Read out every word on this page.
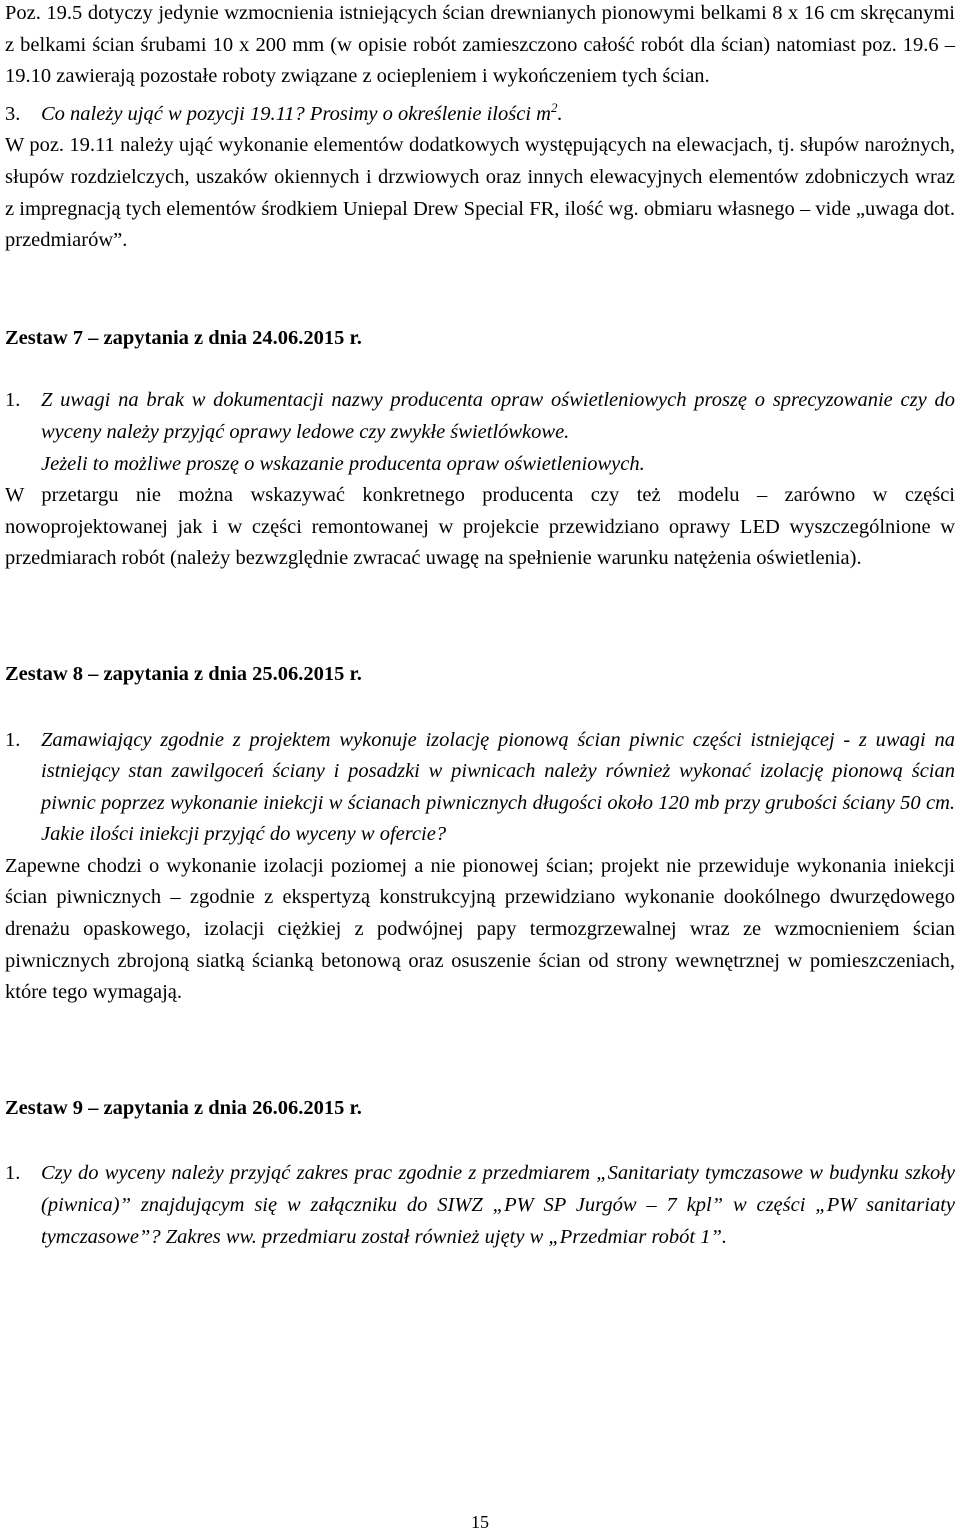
Poz. 19.5 dotyczy jedynie wzmocnienia istniejących ścian drewnianych pionowymi belkami 8 x 16 cm skręcanymi z belkami ścian śrubami 10 x 200 mm (w opisie robót zamieszczono całość robót dla ścian) natomiast poz. 19.6 – 19.10 zawierają pozostałe roboty związane z ociepleniem i wykończeniem tych ścian.

3.	Co należy ująć w pozycji 19.11? Prosimy o określenie ilości $m^2$.

W poz. 19.11 należy ująć wykonanie elementów dodatkowych występujących na elewacjach, tj. słupów narożnych, słupów rozdzielczych, uszaków okiennych i drzwiowych oraz innych elewacyjnych elementów zdobniczych wraz z impregnacją tych elementów środkiem Uniepal Drew Special FR, ilość wg. obmiaru własnego – vide „uwaga dot. przedmiarów”.

Zestaw 7 – zapytania z dnia 24.06.2015 r.

1.	Z uwagi na brak w dokumentacji nazwy producenta opraw oświetleniowych proszę o sprecyzowanie czy do wyceny należy przyjąć oprawy ledowe czy zwykłe świetlówkowe.

Jeżeli to możliwe proszę o wskazanie producenta opraw oświetleniowych.

W przetargu nie można wskazywać konkretnego producenta czy też modelu – zarówno w części nowoprojektowanej jak i w części remontowanej w projekcie przewidziano oprawy LED wyszczególnione w przedmiarach robót (należy bezwzględnie zwracać uwagę na spełnienie warunku natężenia oświetlenia).

Zestaw 8 – zapytania z dnia 25.06.2015 r.

1.	Zamawiający zgodnie z projektem wykonuje izolację pionową ścian piwnic części istniejącej - z uwagi na istniejący stan zawilgoceń ściany i posadzki w piwnicach należy również wykonać izolację pionową ścian piwnic poprzez wykonanie iniekcji w ścianach piwnicznych długości około 120 mb przy grubości ściany 50 cm. Jakie ilości iniekcji przyjąć do wyceny w ofercie?

Zapewne chodzi o wykonanie izolacji poziomej a nie pionowej ścian; projekt nie przewiduje wykonania iniekcji ścian piwnicznych – zgodnie z ekspertyzą konstrukcyjną przewidziano wykonanie dookólnego dwurzędowego drenażu opaskowego, izolacji ciężkiej z podwójnej papy termozgrzewalnej wraz ze wzmocnieniem ścian piwnicznych zbrojoną siatką ścianką betonową oraz osuszenie ścian od strony wewnętrznej w pomieszczeniach, które tego wymagają.

Zestaw 9 – zapytania z dnia 26.06.2015 r.

1.	Czy do wyceny należy przyjąć zakres prac zgodnie z przedmiarem „Sanitariaty tymczasowe w budynku szkoły (piwnica)” znajdującym się w załączniku do SIWZ „PW SP Jurgów – 7 kpl” w części „PW sanitariaty tymczasowe”? Zakres ww. przedmiaru został również ujęty w „Przedmiar robót 1”.

15
